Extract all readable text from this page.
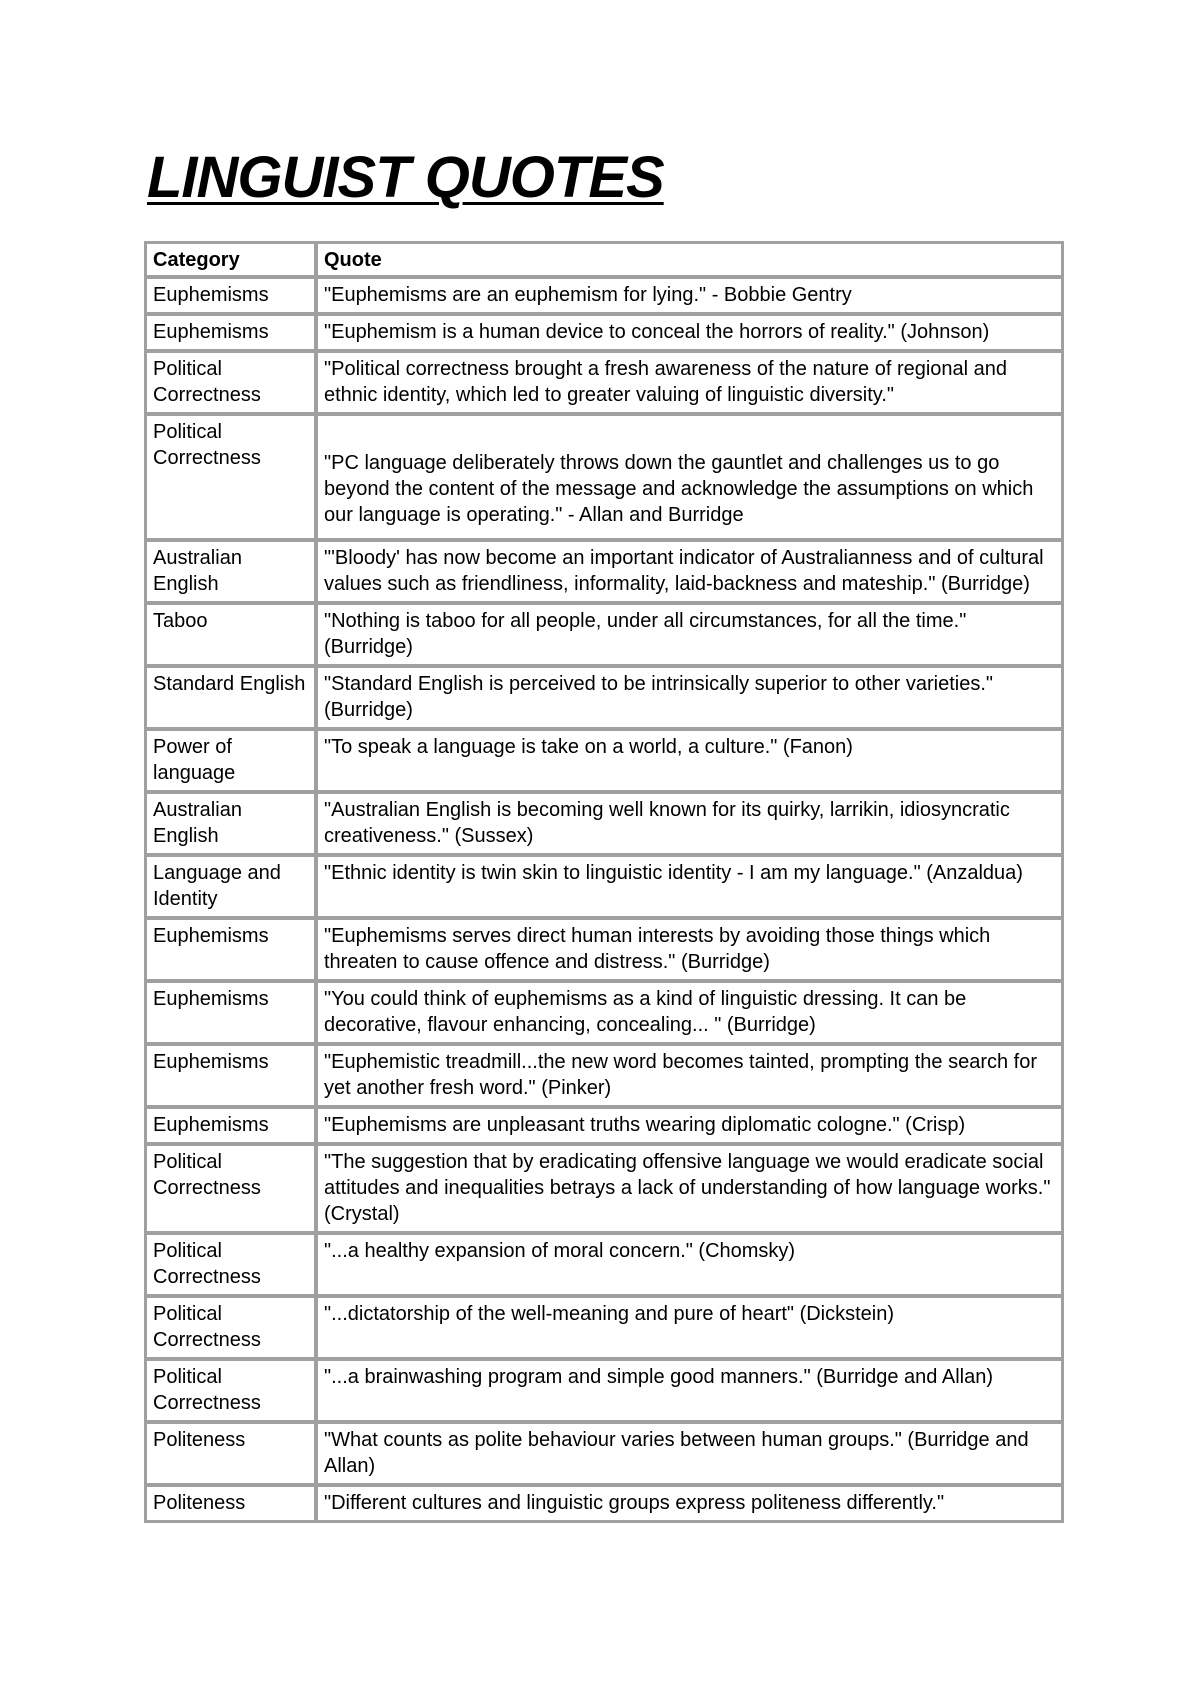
LINGUIST QUOTES
Category	Quote
Euphemisms	"Euphemisms are an euphemism for lying." - Bobbie Gentry
Euphemisms	"Euphemism is a human device to conceal the horrors of reality." (Johnson)
Political Correctness	"Political correctness brought a fresh awareness of the nature of regional and ethnic identity, which led to greater valuing of linguistic diversity."
Political Correctness	"PC language deliberately throws down the gauntlet and challenges us to go beyond the content of the message and acknowledge the assumptions on which our language is operating." - Allan and Burridge
Australian English	"'Bloody' has now become an important indicator of Australianness and of cultural values such as friendliness, informality, laid-backness and mateship." (Burridge)
Taboo	"Nothing is taboo for all people, under all circumstances, for all the time." (Burridge)
Standard English	"Standard English is perceived to be intrinsically superior to other varieties." (Burridge)
Power of language	"To speak a language is take on a world, a culture." (Fanon)
Australian English	"Australian English is becoming well known for its quirky, larrikin, idiosyncratic creativeness." (Sussex)
Language and Identity	"Ethnic identity is twin skin to linguistic identity - I am my language." (Anzaldua)
Euphemisms	"Euphemisms serves direct human interests by avoiding those things which threaten to cause offence and distress." (Burridge)
Euphemisms	"You could think of euphemisms as a kind of linguistic dressing. It can be decorative, flavour enhancing, concealing... " (Burridge)
Euphemisms	"Euphemistic treadmill...the new word becomes tainted, prompting the search for yet another fresh word." (Pinker)
Euphemisms	"Euphemisms are unpleasant truths wearing diplomatic cologne." (Crisp)
Political Correctness	"The suggestion that by eradicating offensive language we would eradicate social attitudes and inequalities betrays a lack of understanding of how language works." (Crystal)
Political Correctness	"...a healthy expansion of moral concern." (Chomsky)
Political Correctness	"...dictatorship of the well-meaning and pure of heart" (Dickstein)
Political Correctness	"...a brainwashing program and simple good manners." (Burridge and Allan)
Politeness	"What counts as polite behaviour varies between human groups." (Burridge and Allan)
Politeness	"Different cultures and linguistic groups express politeness differently."
